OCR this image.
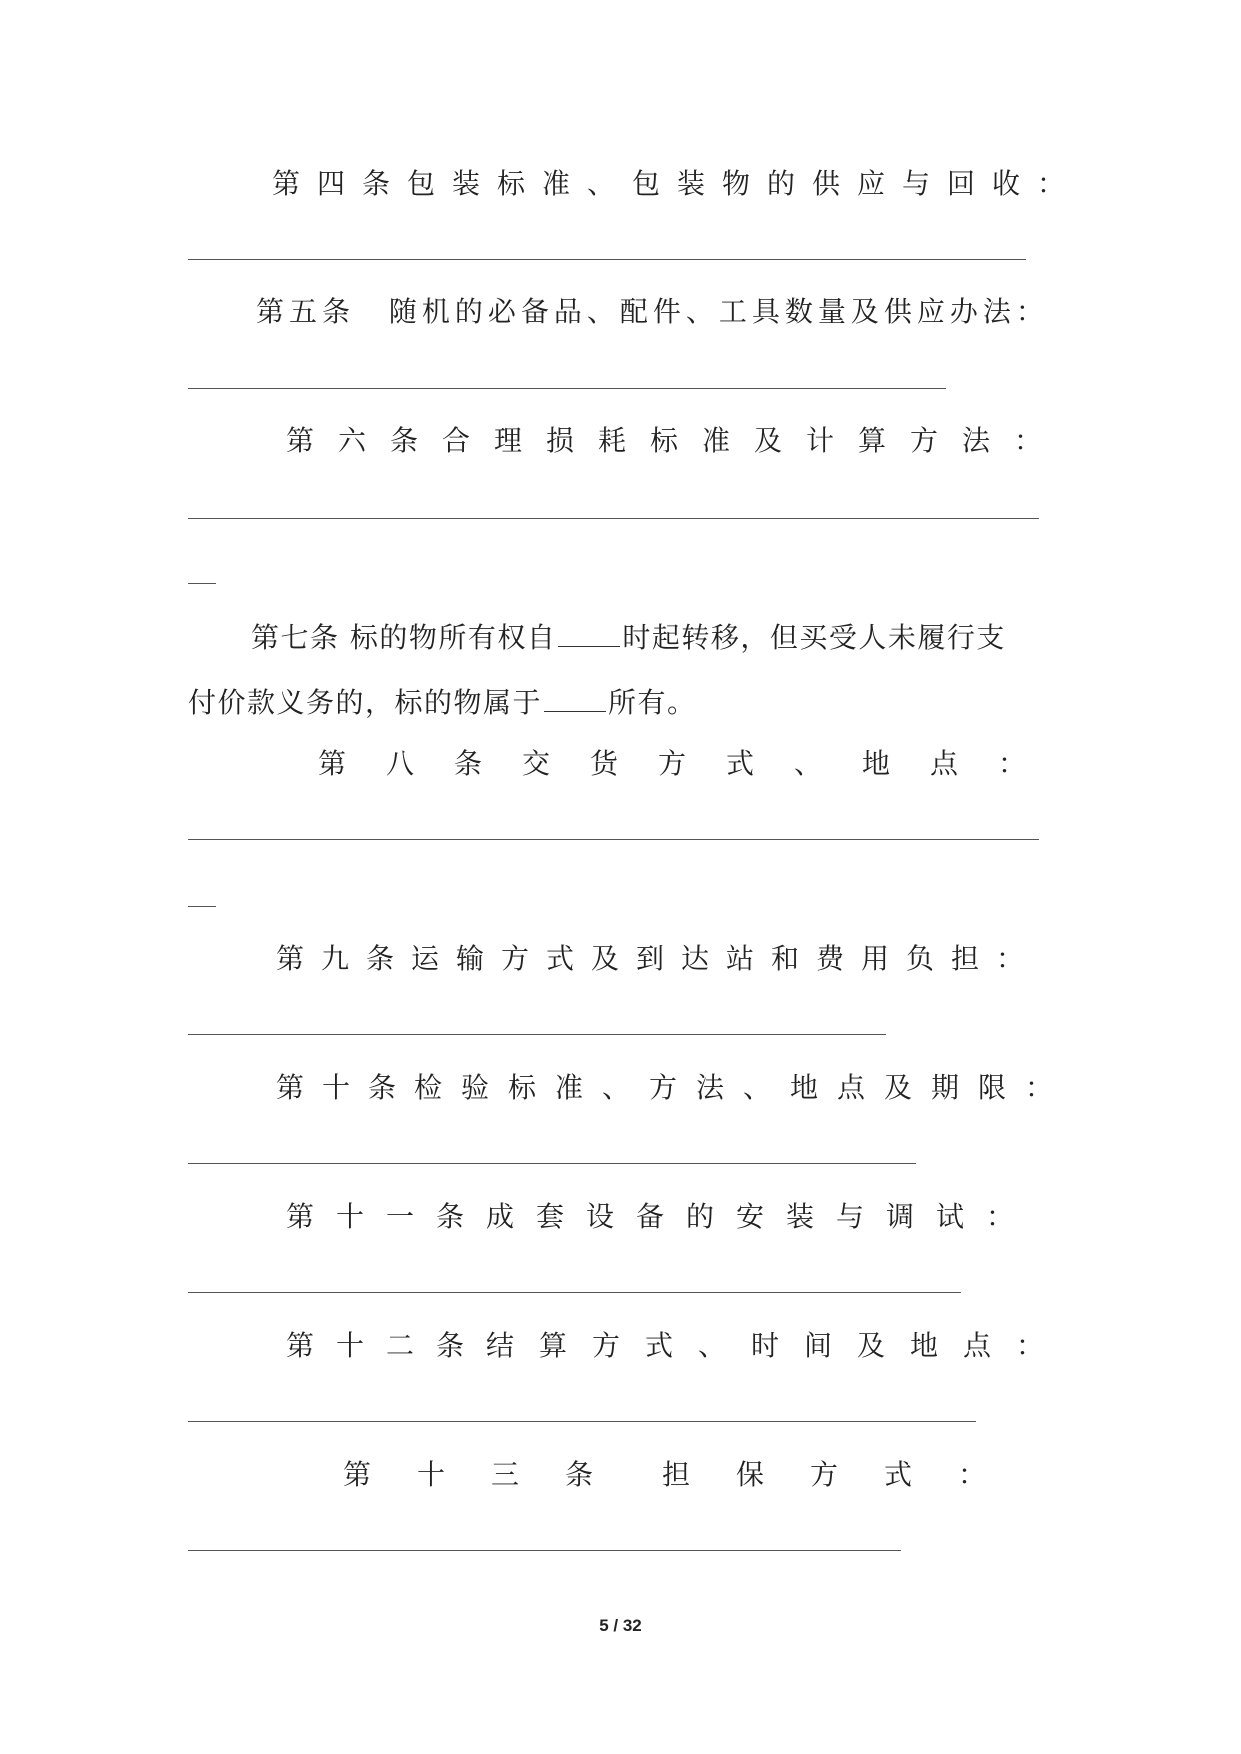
第四条 包装标准、包装物的供应与回收：
第五条 随机的必备品、配件、工具数量及供应办法：
第六条 合理损耗标准及计算方法：
第七条 标的物所有权自 时起转移，但买受人未履行支
付价款义务的，标的物属于 所有。
第八条 交货方式、地点：
第九条 运输方式及到达站和费用负担：
第十条 检验标准、方法、地点及期限：
第十一条 成套设备的安装与调试：
第十二条 结算方式、时间及地点：
第十三条 担保方式：
5 / 32
